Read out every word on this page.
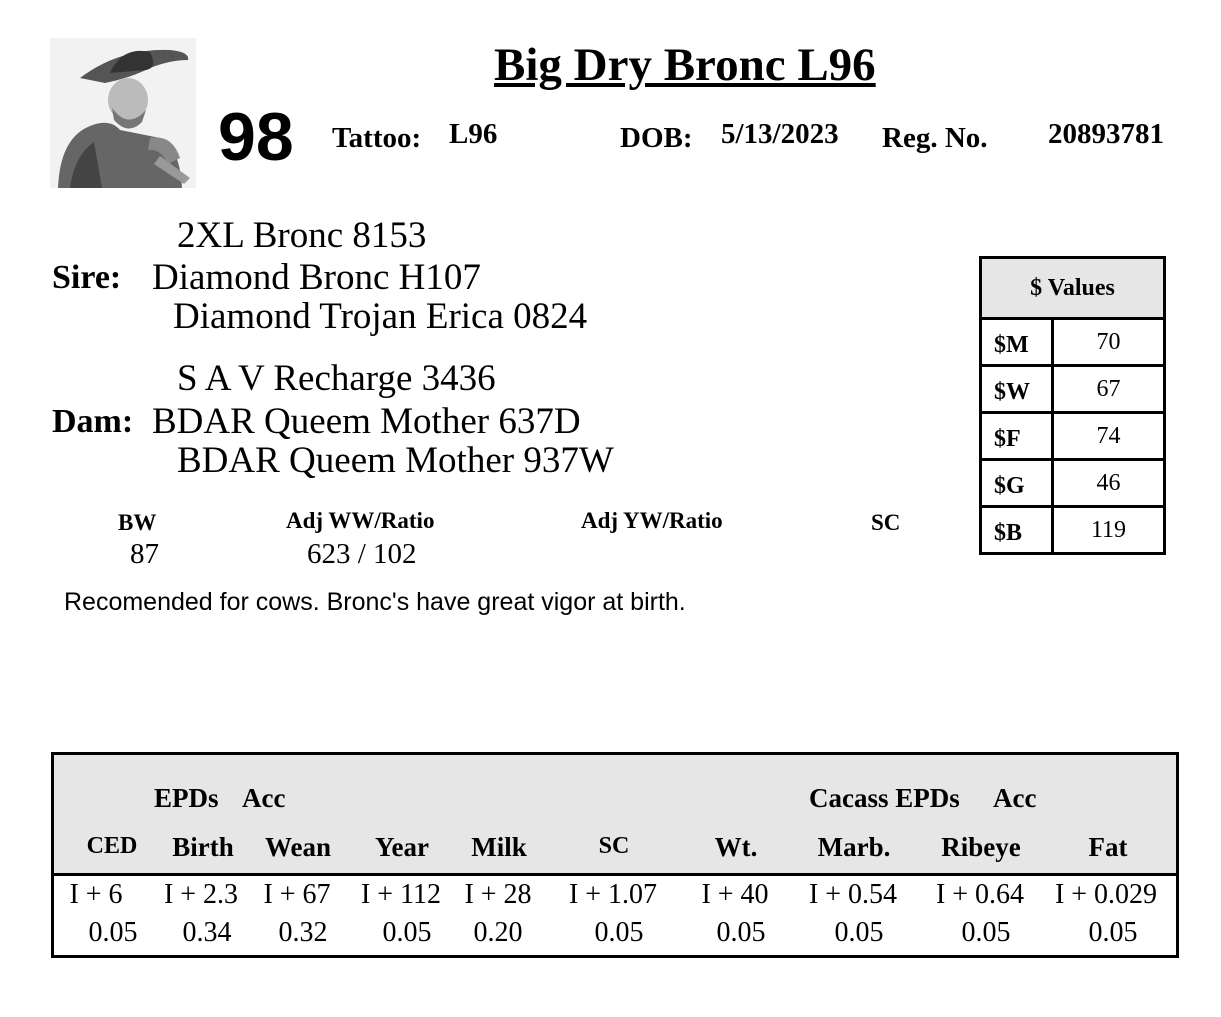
Big Dry Bronc L96
98 Tattoo: L96	DOB: 5/13/2023 Reg. No. 20893781
2XL Bronc 8153
Sire: Diamond Bronc H107
Diamond Trojan Erica 0824
S A V Recharge 3436
Dam: BDAR Queem Mother 637D
BDAR Queem Mother 937W
BW
87
Adj WW/Ratio
623 / 102
Adj YW/Ratio	SC
Recomended for cows. Bronc's have great vigor at birth.
$ Values	
$M	70
$W	67
$F	74
$G	46
$B	119
EPDs Acc	Cacass EPDs Acc
CED Birth Wean Year Milk	SC	Wt. Marb. Ribeye	Fat
I + 6 I + 2.3 I + 67 I + 112 I + 28 I + 1.07 I + 40 I + 0.54 I + 0.64 I + 0.029
0.05 0.34 0.32 0.05 0.20	0.05	0.05 0.05	0.05	0.05
